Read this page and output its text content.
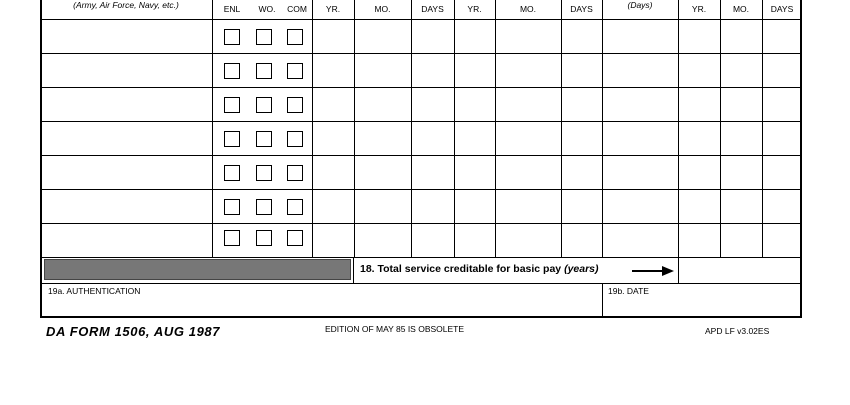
(Army, Air Force, Navy, etc.)	ENL	WO.	COM	YR.	MO.	DAYS	YR.	MO.	DAYS	(Days)	YR.	MO.	DAYS
18. Total service creditable for basic pay (years)
19a. AUTHENTICATION	19b. DATE
DA FORM 1506, AUG 1987	EDITION OF MAY 85 IS OBSOLETE	APD LF v3.02ES
